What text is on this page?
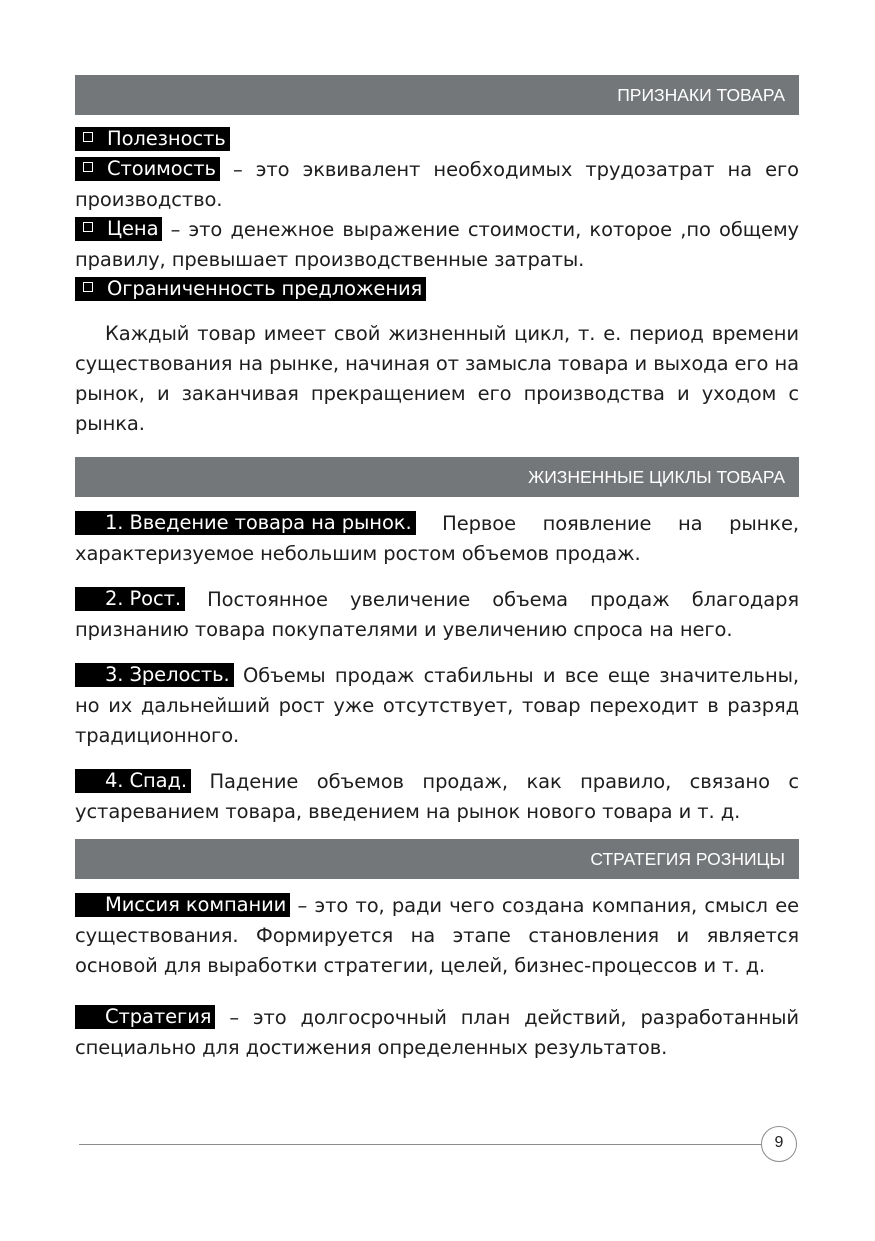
ПРИЗНАКИ ТОВАРА

Полезность

Стоимость – это эквивалент необходимых трудозатрат на его производство.

Цена – это денежное выражение стоимости, которое ,по общему правилу, превышает производственные затраты.

Ограниченность предложения

Каждый товар имеет свой жизненный цикл, т. е. период времени существования на рынке, начиная от замысла товара и выхода его на рынок, и заканчивая прекращением его производства и уходом с рынка.

ЖИЗНЕННЫЕ ЦИКЛЫ ТОВАРА

1. Введение товара на рынок. Первое появление на рынке, характеризуемое небольшим ростом объемов продаж.

2. Рост. Постоянное увеличение объема продаж благодаря признанию товара покупателями и увеличению спроса на него.

3. Зрелость. Объемы продаж стабильны и все еще значительны, но их дальнейший рост уже отсутствует, товар переходит в разряд традиционного.

4. Спад. Падение объемов продаж, как правило, связано с устареванием товара, введением на рынок нового товара и т. д.

СТРАТЕГИЯ РОЗНИЦЫ

Миссия компании – это то, ради чего создана компания, смысл ее существования. Формируется на этапе становления и является основой для выработки стратегии, целей, бизнес-процессов и т. д.

Стратегия – это долгосрочный план действий, разработанный специально для достижения определенных результатов.

9
